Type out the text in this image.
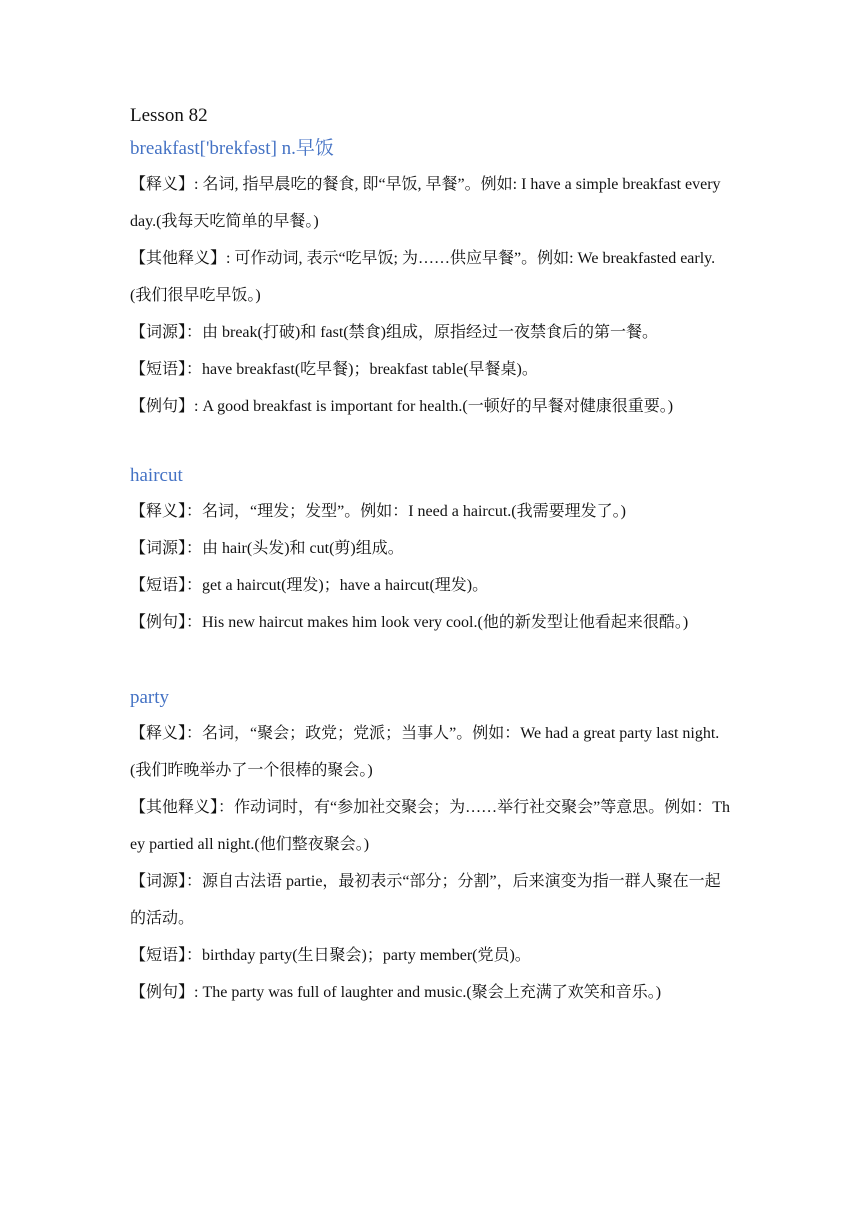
Lesson 82
breakfast['brekfəst] n.早饭

【释义】: 名词, 指早晨吃的餐食, 即“早饭, 早餐”。例如: I have a simple breakfast every day.(我每天吃简单的早餐。)

【其他释义】: 可作动词, 表示“吃早饭; 为……供应早餐”。例如: We breakfasted early.(我们很早吃早饭。)

【词源】：由 break(打破)和 fast(禁食)组成，原指经过一夜禁食后的第一餐。

【短语】：have breakfast(吃早餐)；breakfast table(早餐桌)。

【例句】: A good breakfast is important for health.(一顿好的早餐对健康很重要。)

haircut

【释义】：名词，“理发；发型”。例如：I need a haircut.(我需要理发了。)

【词源】：由 hair(头发)和 cut(剪)组成。

【短语】：get a haircut(理发)；have a haircut(理发)。

【例句】：His new haircut makes him look very cool.(他的新发型让他看起来很酷。)

party

【释义】：名词，“聚会；政党；党派；当事人”。例如：We had a great party last night.(我们昨晚举办了一个很棒的聚会。)

【其他释义】：作动词时，有“参加社交聚会；为……举行社交聚会”等意思。例如：They partied all night.(他们整夜聚会。)

【词源】：源自古法语 partie，最初表示“部分；分割”，后来演变为指一群人聚在一起的活动。

【短语】：birthday party(生日聚会)；party member(党员)。

【例句】: The party was full of laughter and music.(聚会上充满了欢笑和音乐。)
